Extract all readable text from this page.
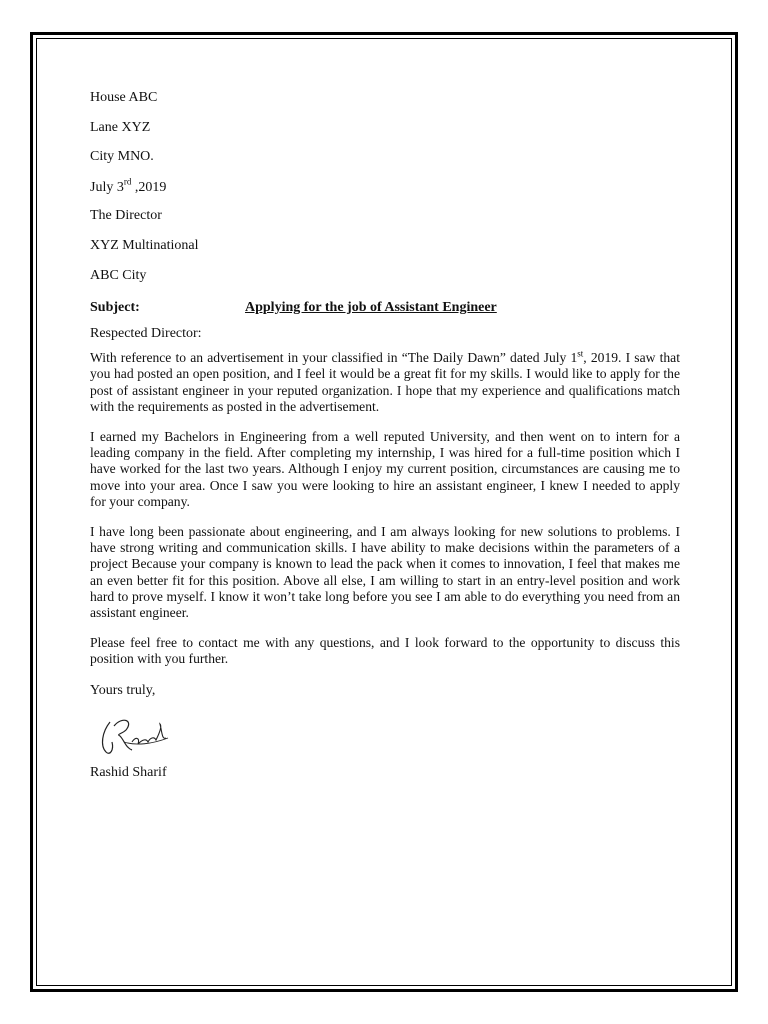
House ABC
Lane XYZ
City MNO.
July 3rd ,2019
The Director
XYZ Multinational
ABC City
Subject:	Applying for the job of Assistant Engineer
Respected Director:

With reference to an advertisement in your classified in “The Daily Dawn” dated July 1st, 2019. I saw that you had posted an open position, and I feel it would be a great fit for my skills. I would like to apply for the post of assistant engineer in your reputed organization. I hope that my experience and qualifications match with the requirements as posted in the advertisement.

I earned my Bachelors in Engineering from a well reputed University, and then went on to intern for a leading company in the field. After completing my internship, I was hired for a full-time position which I have worked for the last two years. Although I enjoy my current position, circumstances are causing me to move into your area. Once I saw you were looking to hire an assistant engineer, I knew I needed to apply for your company.

I have long been passionate about engineering, and I am always looking for new solutions to problems. I have strong writing and communication skills. I have ability to make decisions within the parameters of a project Because your company is known to lead the pack when it comes to innovation, I feel that makes me an even better fit for this position. Above all else, I am willing to start in an entry-level position and work hard to prove myself. I know it won’t take long before you see I am able to do everything you need from an assistant engineer.

Please feel free to contact me with any questions, and I look forward to the opportunity to discuss this position with you further.

Yours truly,
Rashid Sharif
